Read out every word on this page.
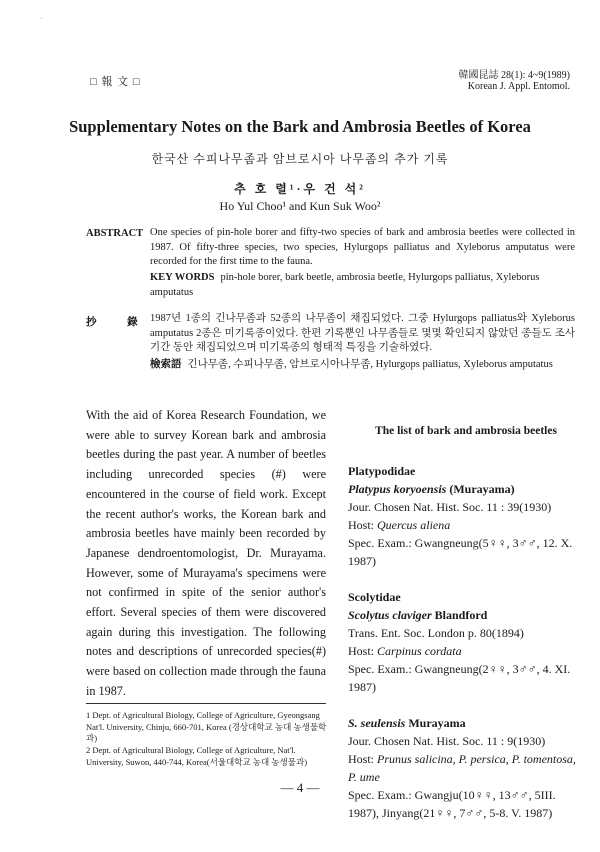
·
□ 報 文 □
韓國昆誌 28(1): 4~9(1989)
Korean J. Appl. Entomol.
Supplementary Notes on the Bark and Ambrosia Beetles of Korea
한국산 수피나무좀과 암브로시아 나무좀의 추가 기록
추 호 렬¹·우 건 석²
Ho Yul Choo¹ and Kun Suk Woo²
ABSTRACT One species of pin-hole borer and fifty-two species of bark and ambrosia beetles were collected in 1987. Of fifty-three species, two species, Hylurgops palliatus and Xyleborus amputatus were recorded for the first time to the fauna.
KEY WORDS pin-hole borer, bark beetle, ambrosia beetle, Hylurgops palliatus, Xyleborus amputatus
抄 錄
1987년 1종의 긴나무좀과 52종의 나무좀이 채집되었다. 그중 Hylurgops palliatus와 Xyleborus amputatus 2종은 미기록종이었다. 한편 기록뿐인 나무좀들로 몇몇 확인되지 않았던 종들도 조사기간 동안 채집되었으며 미기록종의 형태적 특징을 기술하였다.
檢索語 긴나무좀, 수피나무좀, 암브로시아나무좀, Hylurgops palliatus, Xyleborus amputatus
With the aid of Korea Research Foundation, we were able to survey Korean bark and ambrosia beetles during the past year. A number of beetles including unrecorded species (#) were encountered in the course of field work. Except the recent author's works, the Korean bark and ambrosia beetles have mainly been recorded by Japanese dendroentomologist, Dr. Murayama. However, some of Murayama's specimens were not confirmed in spite of the senior author's effort. Several species of them were discovered again during this investigation. The following notes and descriptions of unrecorded species(#) were based on collection made through the fauna in 1987.
1 Dept. of Agricultural Biology, College of Agriculture, Gyeongsang Nat'l. University, Chinju, 660-701, Korea (경상대학교 농대 농생물학과)
2 Dept. of Agricultural Biology, College of Agriculture, Nat'l. University, Suwon, 440-744, Korea(서울대학교 농대 농생물과)
The list of bark and ambrosia beetles
Platypodidae
Platypus koryoensis (Murayama)
Jour. Chosen Nat. Hist. Soc. 11 : 39(1930)
Host: Quercus aliena
Spec. Exam.: Gwangneung(5♀♀, 3♂♂, 12. X. 1987)
Scolytidae
Scolytus claviger Blandford
Trans. Ent. Soc. London p. 80(1894)
Host: Carpinus cordata
Spec. Exam.: Gwangneung(2♀♀, 3♂♂, 4. XI. 1987)
S. seulensis Murayama
Jour. Chosen Nat. Hist. Soc. 11 : 9(1930)
Host: Prunus salicina, P. persica, P. tomentosa, P. ume
Spec. Exam.: Gwangju(10♀♀, 13♂♂, 5III. 1987), Jinyang(21♀♀, 7♂♂, 5-8. V. 1987)
— 4 —
